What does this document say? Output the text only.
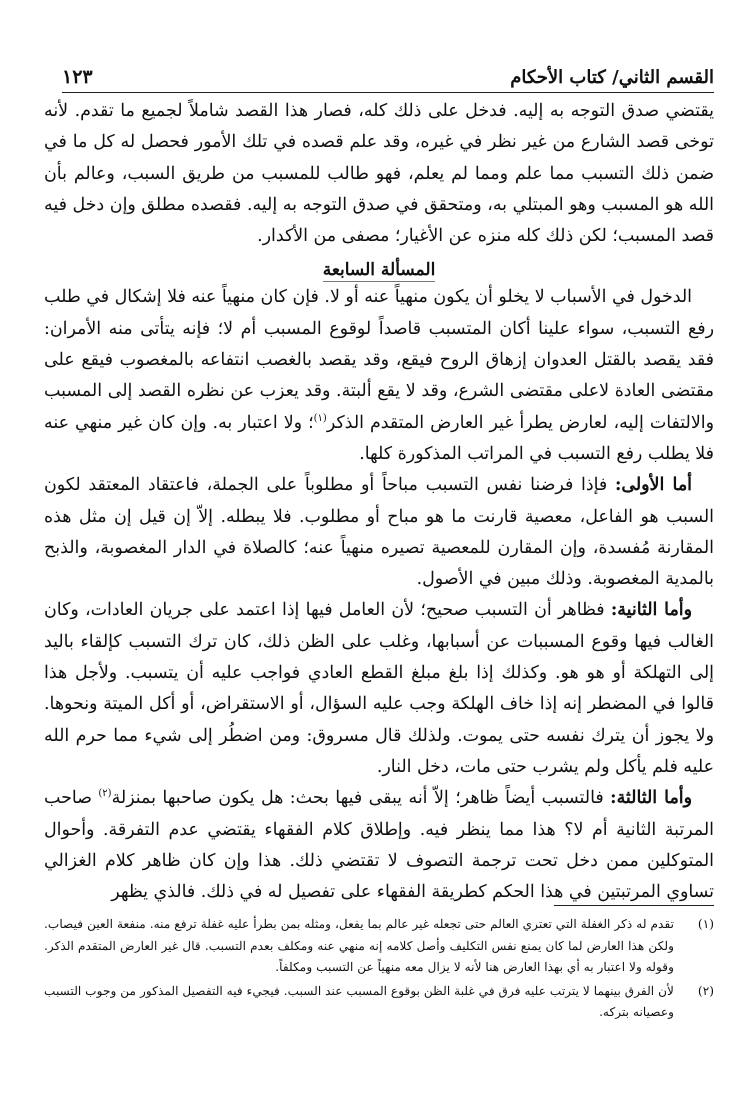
القسم الثاني/ كتاب الأحكام
١٢٣

يقتضي صدق التوجه به إليه. فدخل على ذلك كله، فصار هذا القصد شاملاً لجميع ما تقدم. لأنه توخى قصد الشارع من غير نظر في غيره، وقد علم قصده في تلك الأمور فحصل له كل ما في ضمن ذلك التسبب مما علم ومما لم يعلم، فهو طالب للمسبب من طريق السبب، وعالم بأن الله هو المسبب وهو المبتلي به، ومتحقق في صدق التوجه به إليه. فقصده مطلق وإن دخل فيه قصد المسبب؛ لكن ذلك كله منزه عن الأغيار؛ مصفى من الأكدار.

المسألة السابعة

الدخول في الأسباب لا يخلو أن يكون منهياً عنه أو لا. فإن كان منهياً عنه فلا إشكال في طلب رفع التسبب، سواء علينا أكان المتسبب قاصداً لوقوع المسبب أم لا؛ فإنه يتأتى منه الأمران: فقد يقصد بالقتل العدوان إزهاق الروح فيقع، وقد يقصد بالغصب انتفاعه بالمغصوب فيقع على مقتضى العادة لاعلى مقتضى الشرع، وقد لا يقع ألبتة. وقد يعزب عن نظره القصد إلى المسبب والالتفات إليه، لعارض يطرأ غير العارض المتقدم الذكر$^{(١)}$؛ ولا اعتبار به. وإن كان غير منهي عنه فلا يطلب رفع التسبب في المراتب المذكورة كلها.

أما الأولى: فإذا فرضنا نفس التسبب مباحاً أو مطلوباً على الجملة، فاعتقاد المعتقد لكون السبب هو الفاعل، معصية قارنت ما هو مباح أو مطلوب. فلا يبطله. إلاّ إن قيل إن مثل هذه المقارنة مُفسدة، وإن المقارن للمعصية تصيره منهياً عنه؛ كالصلاة في الدار المغصوبة، والذبح بالمدية المغصوبة. وذلك مبين في الأصول.

وأما الثانية: فظاهر أن التسبب صحيح؛ لأن العامل فيها إذا اعتمد على جريان العادات، وكان الغالب فيها وقوع المسببات عن أسبابها، وغلب على الظن ذلك، كان ترك التسبب كإلقاء باليد إلى التهلكة أو هو هو. وكذلك إذا بلغ مبلغ القطع العادي فواجب عليه أن يتسبب. ولأجل هذا قالوا في المضطر إنه إذا خاف الهلكة وجب عليه السؤال، أو الاستقراض، أو أكل الميتة ونحوها. ولا يجوز أن يترك نفسه حتى يموت. ولذلك قال مسروق: ومن اضطُر إلى شيء مما حرم الله عليه فلم يأكل ولم يشرب حتى مات، دخل النار.

وأما الثالثة: فالتسبب أيضاً ظاهر؛ إلاّ أنه يبقى فيها بحث: هل يكون صاحبها بمنزلة$^{(٢)}$ صاحب المرتبة الثانية أم لا؟ هذا مما ينظر فيه. وإطلاق كلام الفقهاء يقتضي عدم التفرقة. وأحوال المتوكلين ممن دخل تحت ترجمة التصوف لا تقتضي ذلك. هذا وإن كان ظاهر كلام الغزالي تساوي المرتبتين في هذا الحكم كطريقة الفقهاء على تفصيل له في ذلك. فالذي يظهر

(١)
تقدم له ذكر الغفلة التي تعتري العالم حتى تجعله غير عالم بما يفعل، ومثله بمن بطرأ عليه غفلة ترفع منه. منفعة العين فيصاب. ولكن هذا العارض لما كان يمنع نفس التكليف وأصل كلامه إنه منهي عنه ومكلف بعدم التسبب. قال غير العارض المتقدم الذكر. وقوله ولا اعتبار به أي بهذا العارض هنا لأنه لا يزال معه منهياً عن التسبب ومكلفاً.
(٢)
لأن الفرق بينهما لا يترتب عليه فرق في غلبة الظن بوقوع المسبب عند السبب. فيجيء فيه التفصيل المذكور من وجوب التسبب وعصيانه بتركه.
